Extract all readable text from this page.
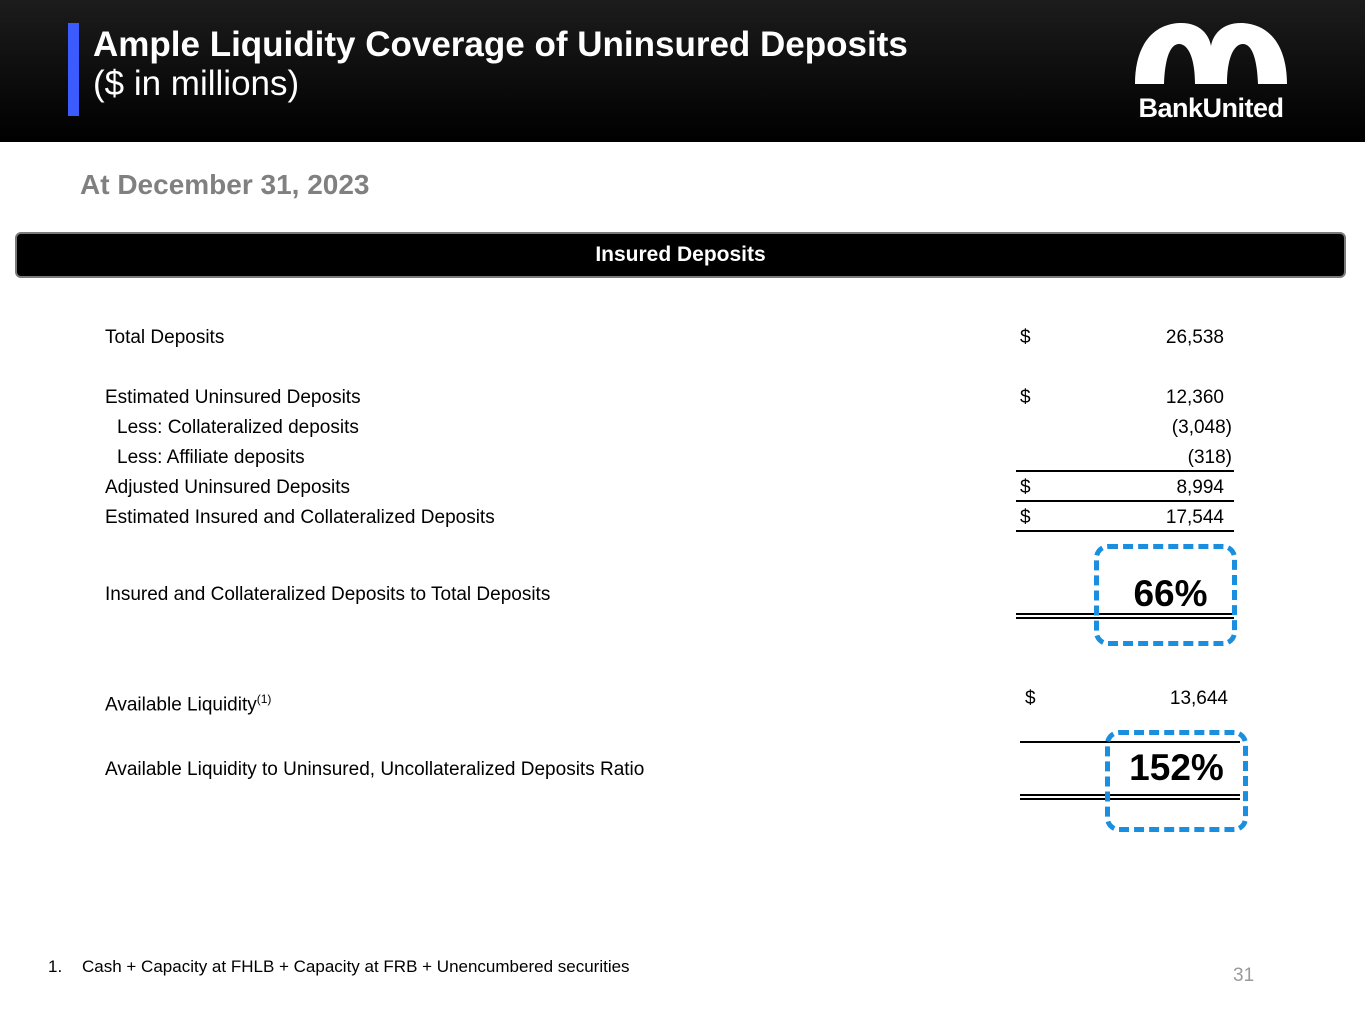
Ample Liquidity Coverage of Uninsured Deposits
($ in millions)
BankUnited
At December 31, 2023
Insured Deposits
Total Deposits	$	26,538
Estimated Uninsured Deposits	$	12,360
Less: Collateralized deposits	(3,048)
Less: Affiliate deposits	(318)
Adjusted Uninsured Deposits	$	8,994
Estimated Insured and Collateralized Deposits	$	17,544
Insured and Collateralized Deposits to Total Deposits	66%
Available Liquidity$^{(1)}$	$	13,644
Available Liquidity to Uninsured, Uncollateralized Deposits Ratio	152%
1. Cash + Capacity at FHLB + Capacity at FRB + Unencumbered securities	31
